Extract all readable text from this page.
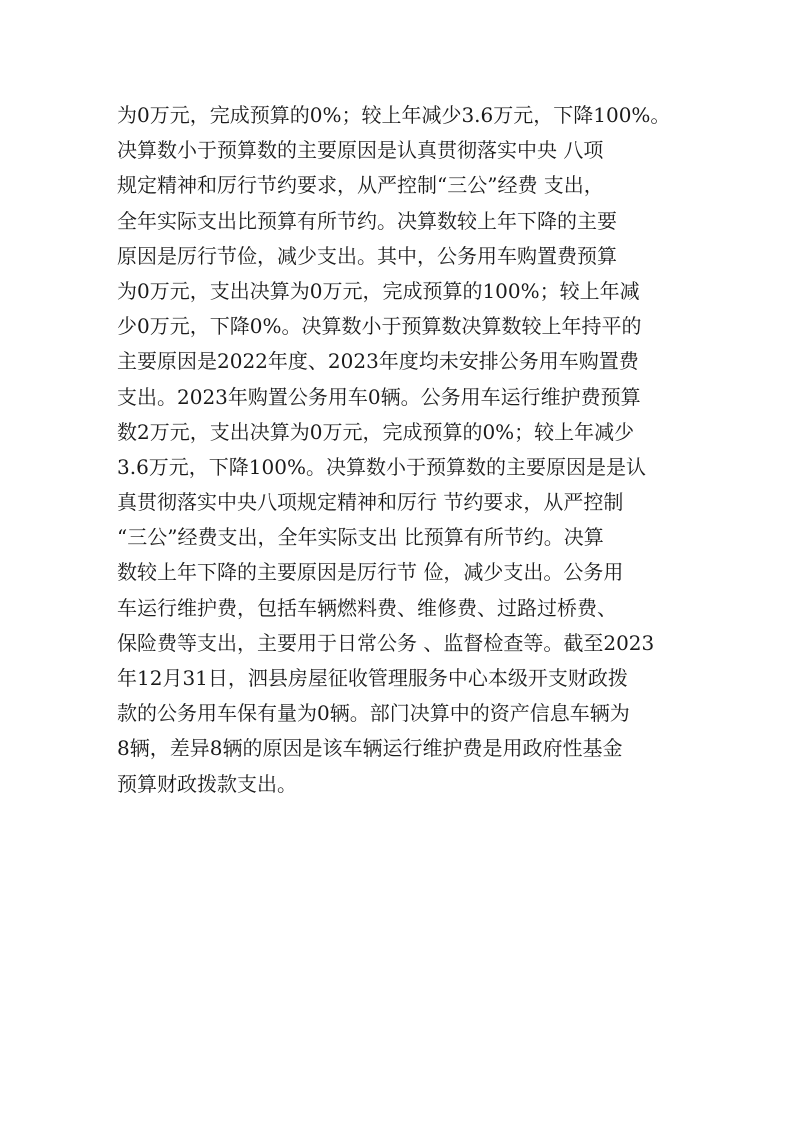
为0万元，完成预算的0%；较上年减少3.6万元，下降100%。
决算数小于预算数的主要原因是认真贯彻落实中央 八项
规定精神和厉行节约要求，从严控制“三公”经费 支出，
全年实际支出比预算有所节约。决算数较上年下降的主要
原因是厉行节俭，减少支出。其中，公务用车购置费预算
为0万元，支出决算为0万元，完成预算的100%；较上年减
少0万元，下降0%。决算数小于预算数决算数较上年持平的
主要原因是2022年度、2023年度均未安排公务用车购置费
支出。2023年购置公务用车0辆。公务用车运行维护费预算
数2万元，支出决算为0万元，完成预算的0%；较上年减少
3.6万元，下降100%。决算数小于预算数的主要原因是是认
真贯彻落实中央八项规定精神和厉行 节约要求，从严控制
“三公”经费支出，全年实际支出 比预算有所节约。决算
数较上年下降的主要原因是厉行节 俭，减少支出。公务用
车运行维护费，包括车辆燃料费、维修费、过路过桥费、
保险费等支出，主要用于日常公务 、监督检查等。截至2023
年12月31日，泗县房屋征收管理服务中心本级开支财政拨
款的公务用车保有量为0辆。部门决算中的资产信息车辆为
8辆，差异8辆的原因是该车辆运行维护费是用政府性基金
预算财政拨款支出。
